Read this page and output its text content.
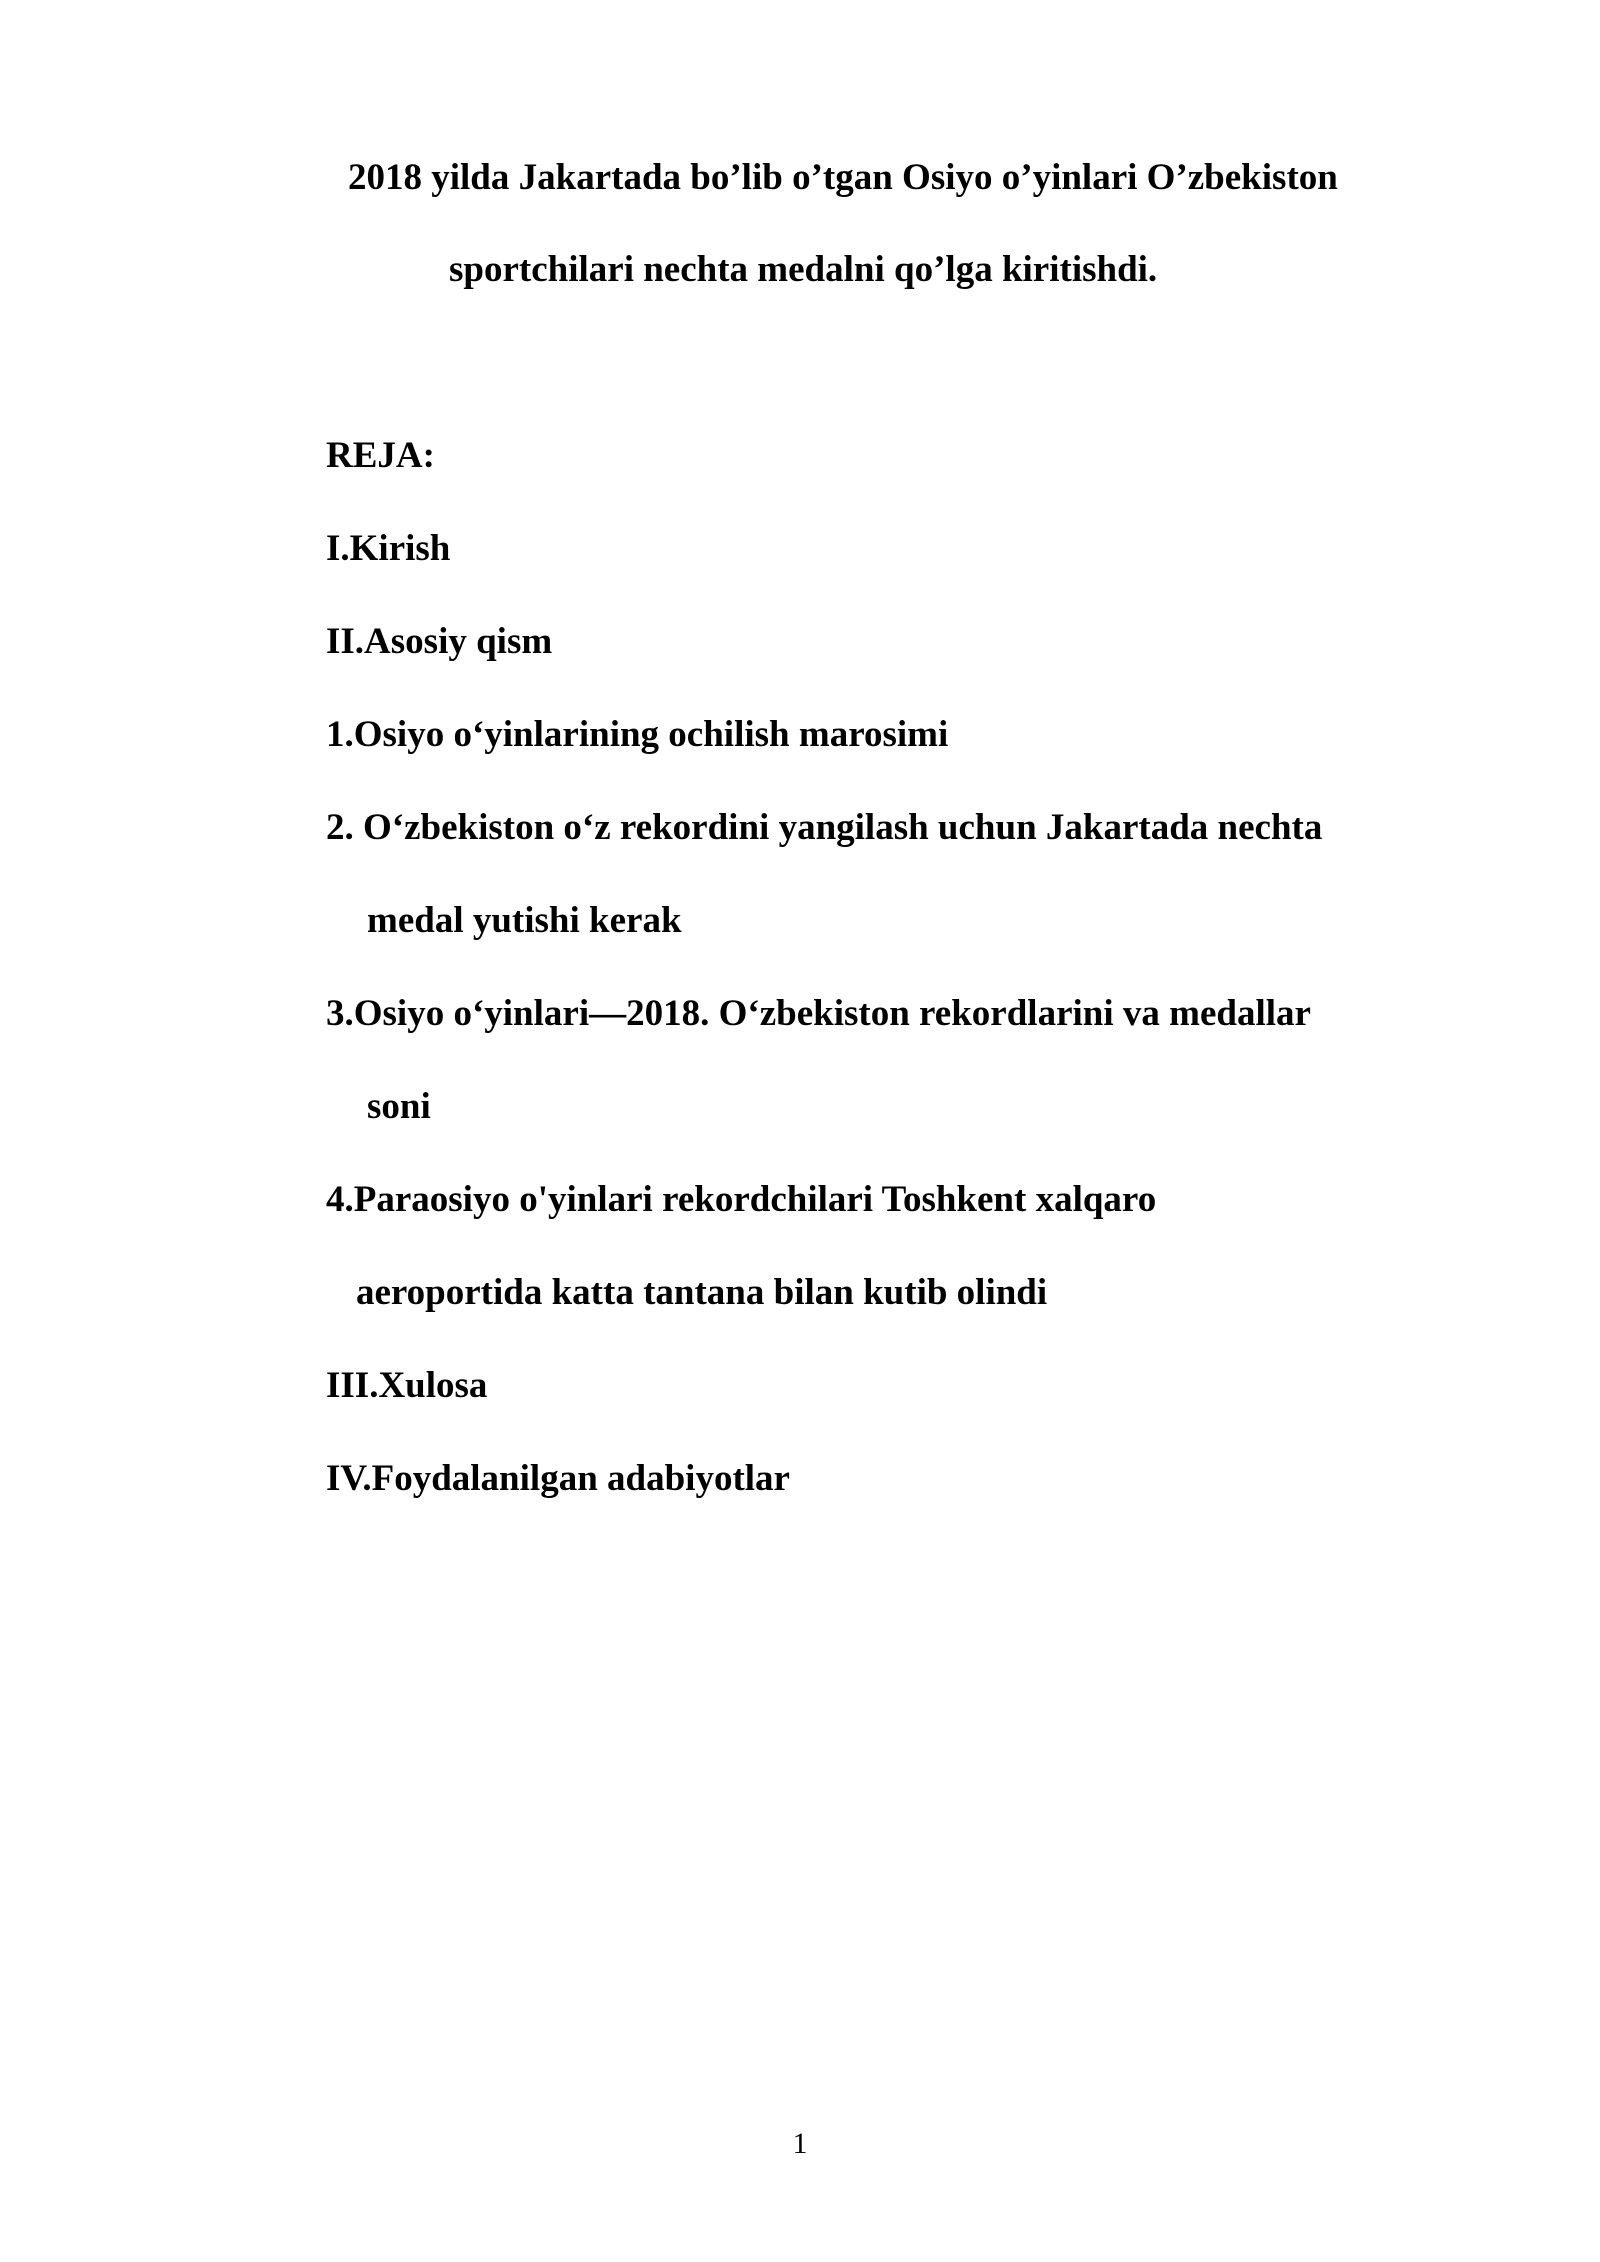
2018 yilda Jakartada bo’lib o’tgan Osiyo o’yinlari O’zbekiston
sportchilari nechta medalni qo’lga kiritishdi.
REJA:
I.Kirish
II.Asosiy qism
1.Osiyo o‘yinlarining ochilish marosimi
2. O‘zbekiston o‘z rekordini yangilash uchun Jakartada nechta
medal yutishi kerak
3.Osiyo o‘yinlari—2018. O‘zbekiston rekordlarini va medallar
soni
4.Paraosiyo o'yinlari rekordchilari Toshkent xalqaro
aeroportida katta tantana bilan kutib olindi
III.Xulosa
IV.Foydalanilgan adabiyotlar
1
